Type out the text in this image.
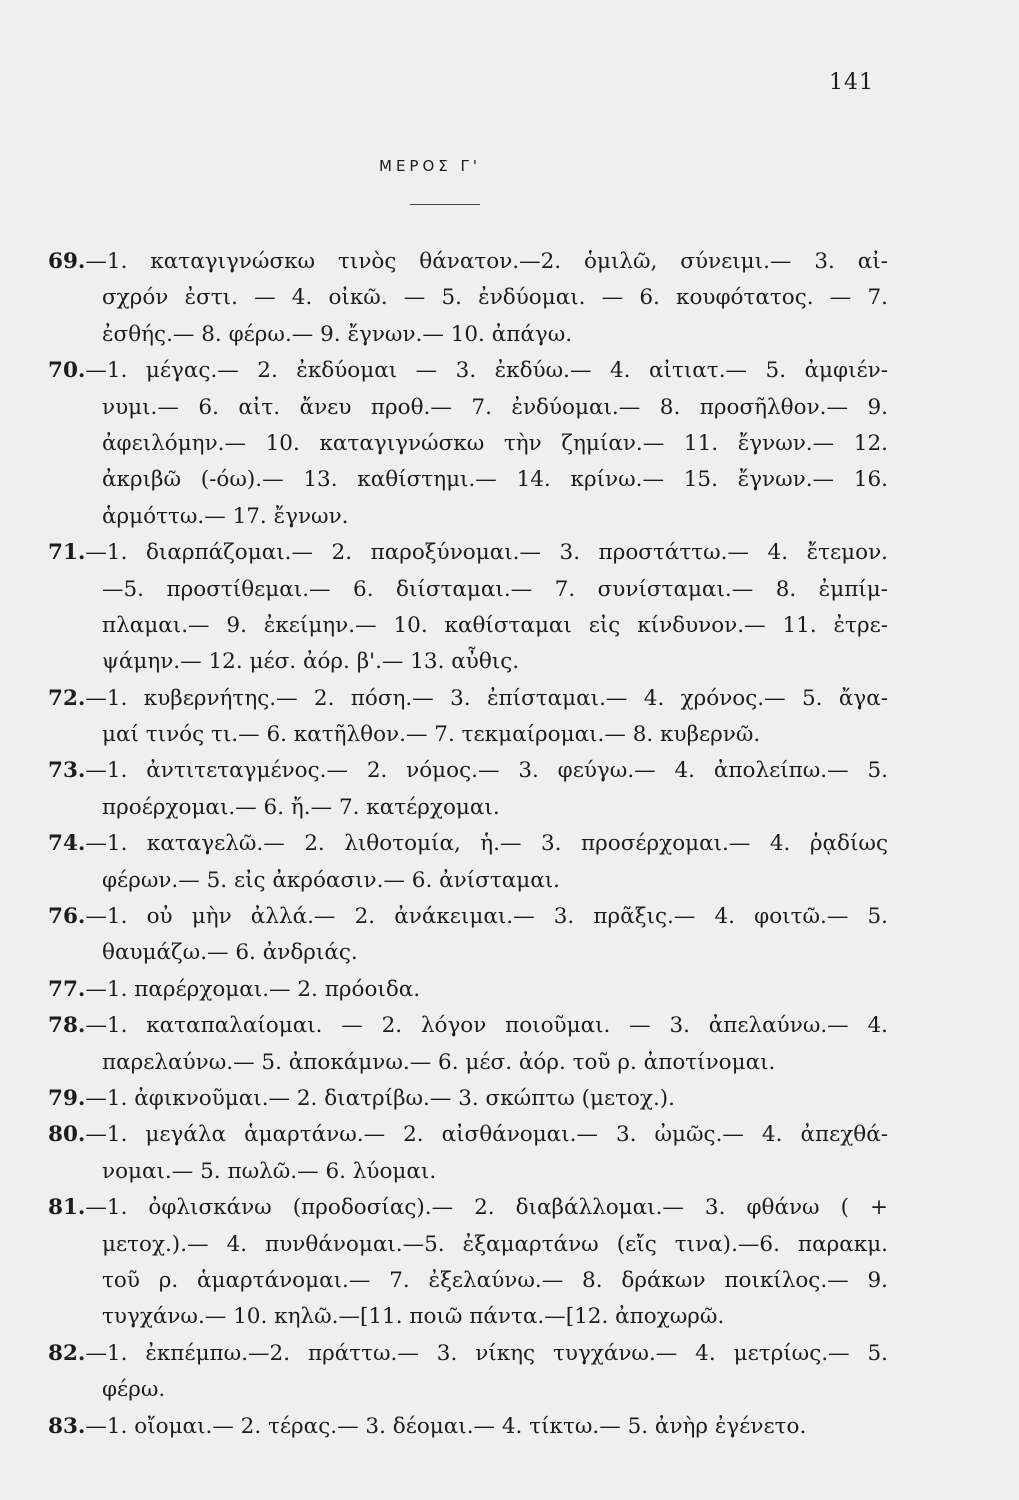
141
ΜΕΡΟΣ Γ'
69.—1. καταγιγνώσκω τινὸς θάνατον.—2. ὁμιλῶ, σύνειμι.— 3. αἰ-
σχρόν ἐστι. — 4. οἰκῶ. — 5. ἐνδύομαι. — 6. κουφότατος. — 7.
ἐσθής.— 8. φέρω.— 9. ἔγνων.— 10. ἀπάγω.
70.—1. μέγας.— 2. ἐκδύομαι — 3. ἐκδύω.— 4. αἰτιατ.— 5. ἀμφιέν-
νυμι.— 6. αἰτ. ἄνευ προθ.— 7. ἐνδύομαι.— 8. προσῆλθον.— 9.
ἀφειλόμην.— 10. καταγιγνώσκω τὴν ζημίαν.— 11. ἔγνων.— 12.
ἀκριβῶ (-όω).— 13. καθίστημι.— 14. κρίνω.— 15. ἔγνων.— 16.
ἁρμόττω.— 17. ἔγνων.
71.—1. διαρπάζομαι.— 2. παροξύνομαι.— 3. προστάττω.— 4. ἔτεμον.
—5. προστίθεμαι.— 6. διίσταμαι.— 7. συνίσταμαι.— 8. ἐμπίμ-
πλαμαι.— 9. ἐκείμην.— 10. καθίσταμαι εἰς κίνδυνον.— 11. ἐτρε-
ψάμην.— 12. μέσ. ἀόρ. β'.— 13. αὖθις.
72.—1. κυβερνήτης.— 2. πόση.— 3. ἐπίσταμαι.— 4. χρόνος.— 5. ἄγα-
μαί τινός τι.— 6. κατῆλθον.— 7. τεκμαίρομαι.— 8. κυβερνῶ.
73.—1. ἀντιτεταγμένος.— 2. νόμος.— 3. φεύγω.— 4. ἀπολείπω.— 5.
προέρχομαι.— 6. ἤ.— 7. κατέρχομαι.
74.—1. καταγελῶ.— 2. λιθοτομία, ἡ.— 3. προσέρχομαι.— 4. ῥᾳδίως
φέρων.— 5. εἰς ἀκρόασιν.— 6. ἀνίσταμαι.
76.—1. οὐ μὴν ἀλλά.— 2. ἀνάκειμαι.— 3. πρᾶξις.— 4. φοιτῶ.— 5.
θαυμάζω.— 6. ἀνδριάς.
77.—1. παρέρχομαι.— 2. πρόοιδα.
78.—1. καταπαλαίομαι. — 2. λόγον ποιοῦμαι. — 3. ἀπελαύνω.— 4.
παρελαύνω.— 5. ἀποκάμνω.— 6. μέσ. ἀόρ. τοῦ ρ. ἀποτίνομαι.
79.—1. ἀφικνοῦμαι.— 2. διατρίβω.— 3. σκώπτω (μετοχ.).
80.—1. μεγάλα ἁμαρτάνω.— 2. αἰσθάνομαι.— 3. ὠμῶς.— 4. ἀπεχθά-
νομαι.— 5. πωλῶ.— 6. λύομαι.
81.—1. ὀφλισκάνω (προδοσίας).— 2. διαβάλλομαι.— 3. φθάνω ( +
μετοχ.).— 4. πυνθάνομαι.—5. ἐξαμαρτάνω (εἴς τινα).—6. παρακμ.
τοῦ ρ. ἁμαρτάνομαι.— 7. ἐξελαύνω.— 8. δράκων ποικίλος.— 9.
τυγχάνω.— 10. κηλῶ.—[11. ποιῶ πάντα.—[12. ἀποχωρῶ.
82.—1. ἐκπέμπω.—2. πράττω.— 3. νίκης τυγχάνω.— 4. μετρίως.— 5.
φέρω.
83.—1. οἴομαι.— 2. τέρας.— 3. δέομαι.— 4. τίκτω.— 5. ἀνὴρ ἐγένετο.
